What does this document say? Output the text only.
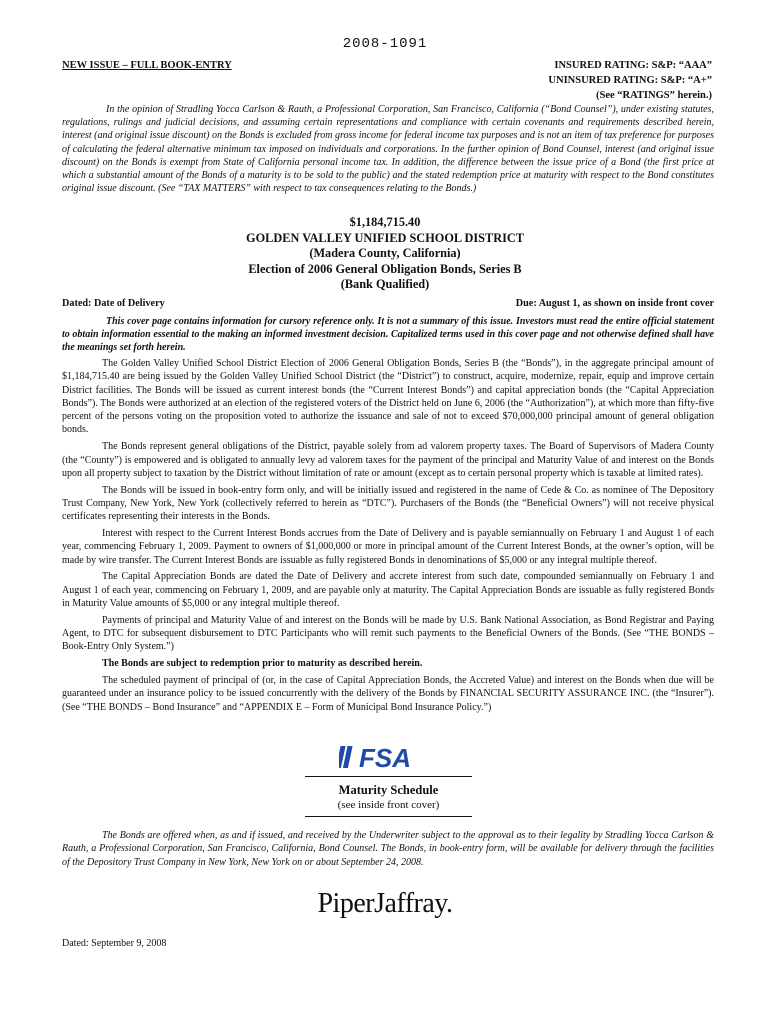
2008-1091
NEW ISSUE – FULL BOOK-ENTRY	INSURED RATING: S&P: “AAA”
UNINSURED RATING: S&P: “A+”
(See “RATINGS” herein.)
In the opinion of Stradling Yocca Carlson & Rauth, a Professional Corporation, San Francisco, California (“Bond Counsel”), under existing statutes, regulations, rulings and judicial decisions, and assuming certain representations and compliance with certain covenants and requirements described herein, interest (and original issue discount) on the Bonds is excluded from gross income for federal income tax purposes and is not an item of tax preference for purposes of calculating the federal alternative minimum tax imposed on individuals and corporations. In the further opinion of Bond Counsel, interest (and original issue discount) on the Bonds is exempt from State of California personal income tax. In addition, the difference between the issue price of a Bond (the first price at which a substantial amount of the Bonds of a maturity is to be sold to the public) and the stated redemption price at maturity with respect to the Bond constitutes original issue discount. (See “TAX MATTERS” with respect to tax consequences relating to the Bonds.)
$1,184,715.40
GOLDEN VALLEY UNIFIED SCHOOL DISTRICT
(Madera County, California)
Election of 2006 General Obligation Bonds, Series B
(Bank Qualified)
Dated: Date of Delivery	Due: August 1, as shown on inside front cover
This cover page contains information for cursory reference only. It is not a summary of this issue. Investors must read the entire official statement to obtain information essential to the making an informed investment decision. Capitalized terms used in this cover page and not otherwise defined shall have the meanings set forth herein.

The Golden Valley Unified School District Election of 2006 General Obligation Bonds, Series B (the “Bonds”), in the aggregate principal amount of $1,184,715.40 are being issued by the Golden Valley Unified School District (the “District”) to construct, acquire, modernize, repair, equip and improve certain District facilities. The Bonds will be issued as current interest bonds (the “Current Interest Bonds”) and capital appreciation bonds (the “Capital Appreciation Bonds”). The Bonds were authorized at an election of the registered voters of the District held on June 6, 2006 (the “Authorization”), at which more than fifty-five percent of the persons voting on the proposition voted to authorize the issuance and sale of not to exceed $70,000,000 principal amount of general obligation bonds.

The Bonds represent general obligations of the District, payable solely from ad valorem property taxes. The Board of Supervisors of Madera County (the “County”) is empowered and is obligated to annually levy ad valorem taxes for the payment of the principal and Maturity Value of and interest on the Bonds upon all property subject to taxation by the District without limitation of rate or amount (except as to certain personal property which is taxable at limited rates).

The Bonds will be issued in book-entry form only, and will be initially issued and registered in the name of Cede & Co. as nominee of The Depository Trust Company, New York, New York (collectively referred to herein as “DTC”). Purchasers of the Bonds (the “Beneficial Owners”) will not receive physical certificates representing their interests in the Bonds.

Interest with respect to the Current Interest Bonds accrues from the Date of Delivery and is payable semiannually on February 1 and August 1 of each year, commencing February 1, 2009. Payment to owners of $1,000,000 or more in principal amount of the Current Interest Bonds, at the owner’s option, will be made by wire transfer. The Current Interest Bonds are issuable as fully registered Bonds in denominations of $5,000 or any integral multiple thereof.

The Capital Appreciation Bonds are dated the Date of Delivery and accrete interest from such date, compounded semiannually on February 1 and August 1 of each year, commencing on February 1, 2009, and are payable only at maturity. The Capital Appreciation Bonds are issuable as fully registered Bonds in Maturity Value amounts of $5,000 or any integral multiple thereof.

Payments of principal and Maturity Value of and interest on the Bonds will be made by U.S. Bank National Association, as Bond Registrar and Paying Agent, to DTC for subsequent disbursement to DTC Participants who will remit such payments to the Beneficial Owners of the Bonds. (See “THE BONDS – Book-Entry Only System.”)

The Bonds are subject to redemption prior to maturity as described herein.

The scheduled payment of principal of (or, in the case of Capital Appreciation Bonds, the Accreted Value) and interest on the Bonds when due will be guaranteed under an insurance policy to be issued concurrently with the delivery of the Bonds by FINANCIAL SECURITY ASSURANCE INC. (the “Insurer”). (See “THE BONDS – Bond Insurance” and “APPENDIX E – Form of Municipal Bond Insurance Policy.”)

FSA
Maturity Schedule
(see inside front cover)
The Bonds are offered when, as and if issued, and received by the Underwriter subject to the approval as to their legality by Stradling Yocca Carlson & Rauth, a Professional Corporation, San Francisco, California, Bond Counsel. The Bonds, in book-entry form, will be available for delivery through the facilities of the Depository Trust Company in New York, New York on or about September 24, 2008.
PiperJaffray.
Dated: September 9, 2008
